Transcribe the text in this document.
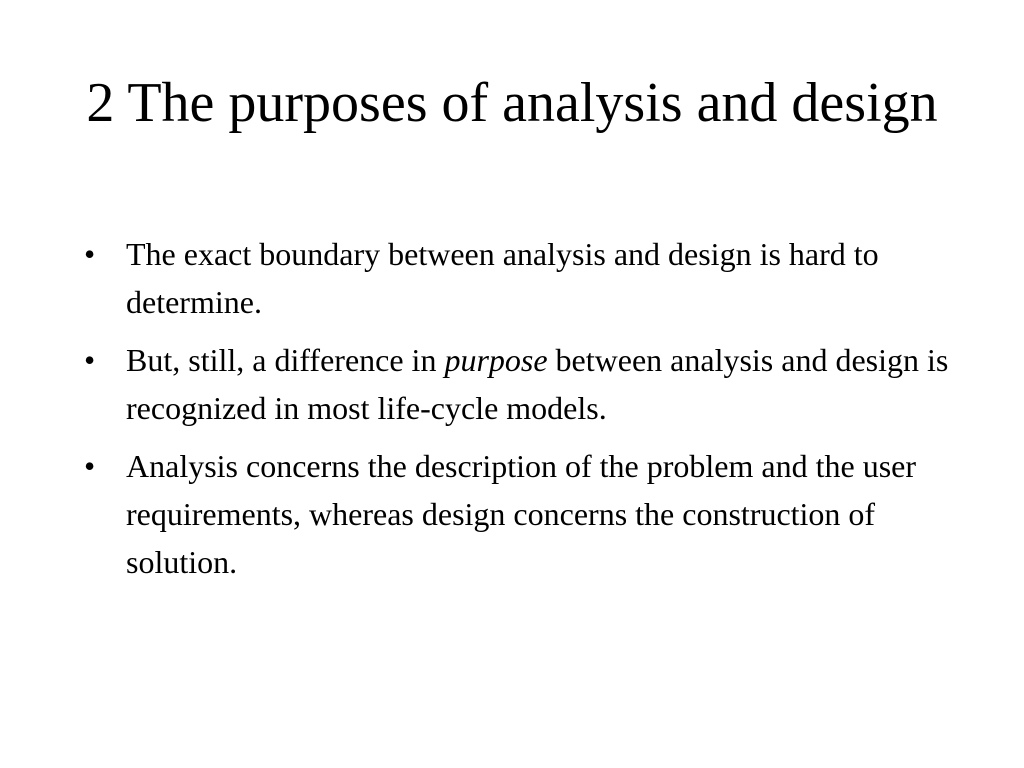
2 The purposes of analysis and design
• The exact boundary between analysis and design is hard to determine.
• But, still, a difference in purpose between analysis and design is recognized in most life-cycle models.
• Analysis concerns the description of the problem and the user requirements, whereas design concerns the construction of solution.
